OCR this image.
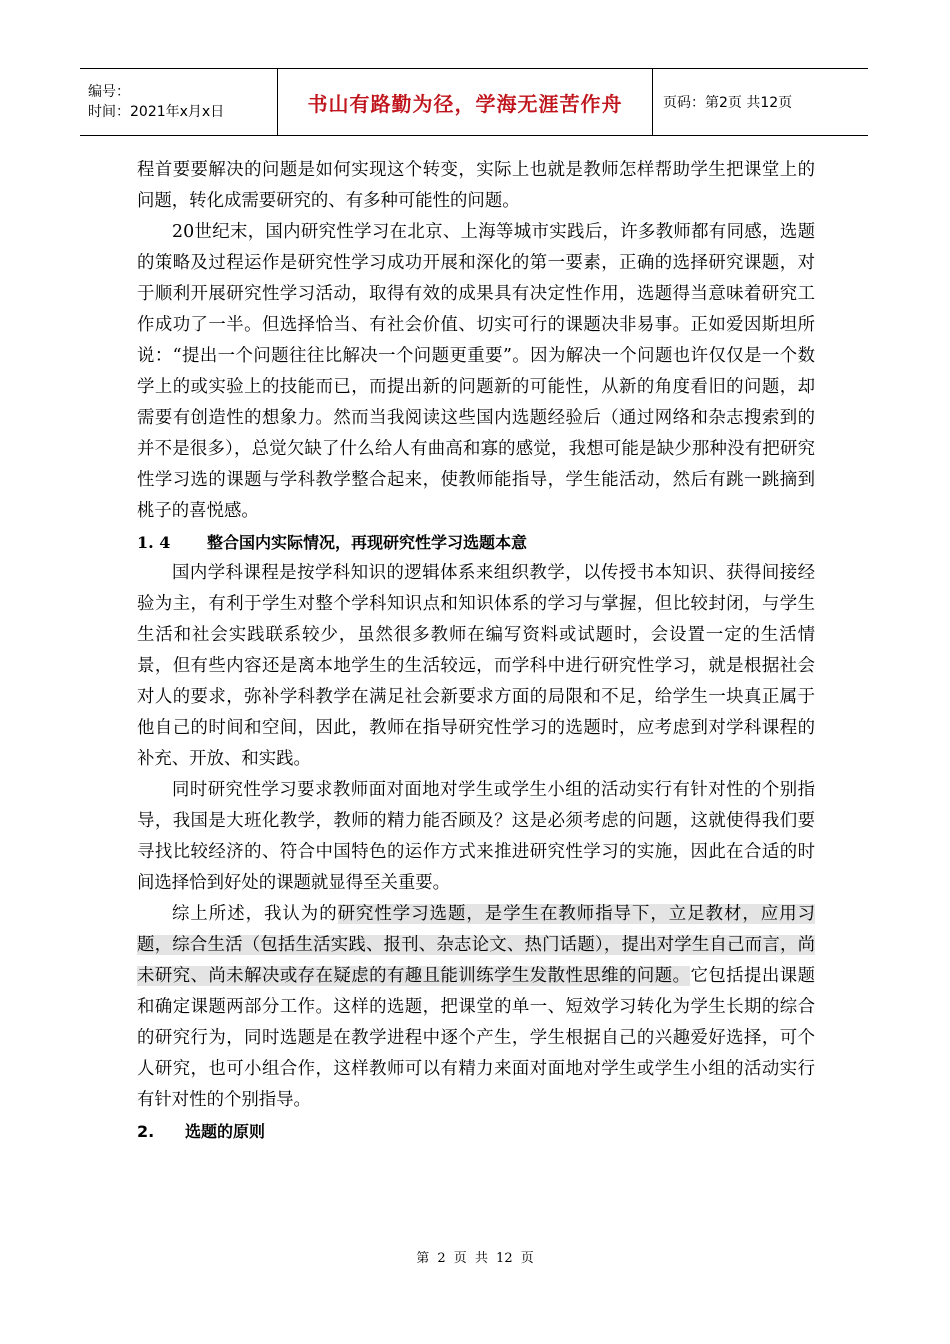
编号：
时间：2021年x月x日	书山有路勤为径，学海无涯苦作舟	页码：第2页 共12页

程首要要解决的问题是如何实现这个转变，实际上也就是教师怎样帮助学生把课堂上的问题，转化成需要研究的、有多种可能性的问题。

20世纪末，国内研究性学习在北京、上海等城市实践后，许多教师都有同感，选题的策略及过程运作是研究性学习成功开展和深化的第一要素，正确的选择研究课题，对于顺利开展研究性学习活动，取得有效的成果具有决定性作用，选题得当意味着研究工作成功了一半。但选择恰当、有社会价值、切实可行的课题决非易事。正如爱因斯坦所说：“提出一个问题往往比解决一个问题更重要”。因为解决一个问题也许仅仅是一个数学上的或实验上的技能而已，而提出新的问题新的可能性，从新的角度看旧的问题，却需要有创造性的想象力。然而当我阅读这些国内选题经验后（通过网络和杂志搜索到的并不是很多），总觉欠缺了什么给人有曲高和寡的感觉，我想可能是缺少那种没有把研究性学习选的课题与学科教学整合起来，使教师能指导，学生能活动，然后有跳一跳摘到桃子的喜悦感。

1. 4 整合国内实际情况，再现研究性学习选题本意

国内学科课程是按学科知识的逻辑体系来组织教学，以传授书本知识、获得间接经验为主，有利于学生对整个学科知识点和知识体系的学习与掌握，但比较封闭，与学生生活和社会实践联系较少，虽然很多教师在编写资料或试题时，会设置一定的生活情景，但有些内容还是离本地学生的生活较远，而学科中进行研究性学习，就是根据社会对人的要求，弥补学科教学在满足社会新要求方面的局限和不足，给学生一块真正属于他自己的时间和空间，因此，教师在指导研究性学习的选题时，应考虑到对学科课程的补充、开放、和实践。

同时研究性学习要求教师面对面地对学生或学生小组的活动实行有针对性的个别指导，我国是大班化教学，教师的精力能否顾及？这是必须考虑的问题，这就使得我们要寻找比较经济的、符合中国特色的运作方式来推进研究性学习的实施，因此在合适的时间选择恰到好处的课题就显得至关重要。

综上所述，我认为的研究性学习选题，是学生在教师指导下，立足教材，应用习题，综合生活（包括生活实践、报刊、杂志论文、热门话题），提出对学生自己而言，尚未研究、尚未解决或存在疑虑的有趣且能训练学生发散性思维的问题。它包括提出课题和确定课题两部分工作。这样的选题，把课堂的单一、短效学习转化为学生长期的综合的研究行为，同时选题是在教学进程中逐个产生，学生根据自己的兴趣爱好选择，可个人研究，也可小组合作，这样教师可以有精力来面对面地对学生或学生小组的活动实行有针对性的个别指导。

2. 选题的原则
第 2 页 共 12 页
